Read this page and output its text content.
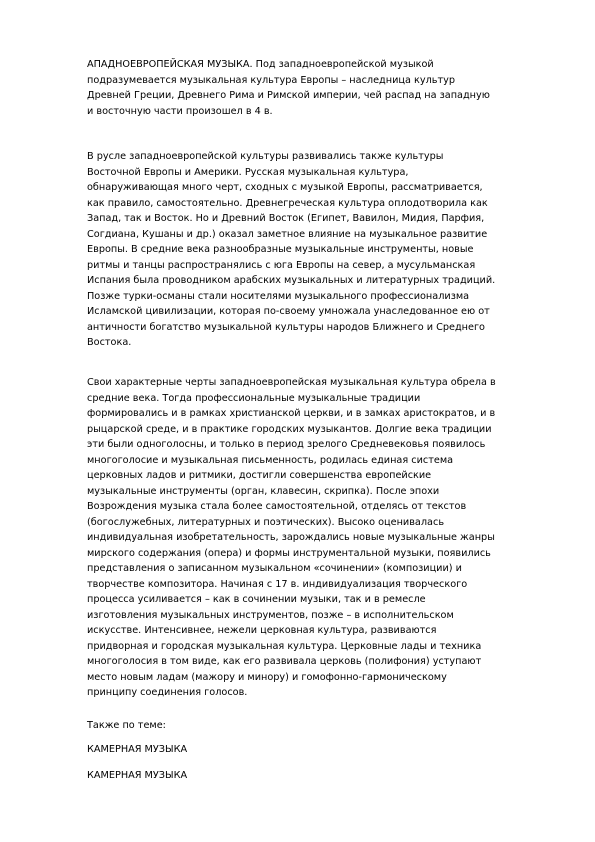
АПАДНОЕВРОПЕЙСКАЯ МУЗЫКА. Под западноевропейской музыкой
подразумевается музыкальная культура Европы – наследница культур
Древней Греции, Древнего Рима и Римской империи, чей распад на западную
и восточную части произошел в 4 в.

В русле западноевропейской культуры развивались также культуры
Восточной Европы и Америки. Русская музыкальная культура,
обнаруживающая много черт, сходных с музыкой Европы, рассматривается,
как правило, самостоятельно. Древнегреческая культура оплодотворила как
Запад, так и Восток. Но и Древний Восток (Египет, Вавилон, Мидия, Парфия,
Согдиана, Кушаны и др.) оказал заметное влияние на музыкальное развитие
Европы. В средние века разнообразные музыкальные инструменты, новые
ритмы и танцы распространялись с юга Европы на север, а мусульманская
Испания была проводником арабских музыкальных и литературных традиций.
Позже турки-османы стали носителями музыкального профессионализма
Исламской цивилизации, которая по-своему умножала унаследованное ею от
античности богатство музыкальной культуры народов Ближнего и Среднего
Востока.

Свои характерные черты западноевропейская музыкальная культура обрела в
средние века. Тогда профессиональные музыкальные традиции
формировались и в рамках христианской церкви, и в замках аристократов, и в
рыцарской среде, и в практике городских музыкантов. Долгие века традиции
эти были одноголосны, и только в период зрелого Средневековья появилось
многоголосие и музыкальная письменность, родилась единая система
церковных ладов и ритмики, достигли совершенства европейские
музыкальные инструменты (орган, клавесин, скрипка). После эпохи
Возрождения музыка стала более самостоятельной, отделясь от текстов
(богослужебных, литературных и поэтических). Высоко оценивалась
индивидуальная изобретательность, зарождались новые музыкальные жанры
мирского содержания (опера) и формы инструментальной музыки, появились
представления о записанном музыкальном «сочинении» (композиции) и
творчестве композитора. Начиная с 17 в. индивидуализация творческого
процесса усиливается – как в сочинении музыки, так и в ремесле
изготовления музыкальных инструментов, позже – в исполнительском
искусстве. Интенсивнее, нежели церковная культура, развиваются
придворная и городская музыкальная культура. Церковные лады и техника
многоголосия в том виде, как его развивала церковь (полифония) уступают
место новым ладам (мажору и минору) и гомофонно-гармоническому
принципу соединения голосов.

Также по теме:

КАМЕРНАЯ МУЗЫКА

КАМЕРНАЯ МУЗЫКА
